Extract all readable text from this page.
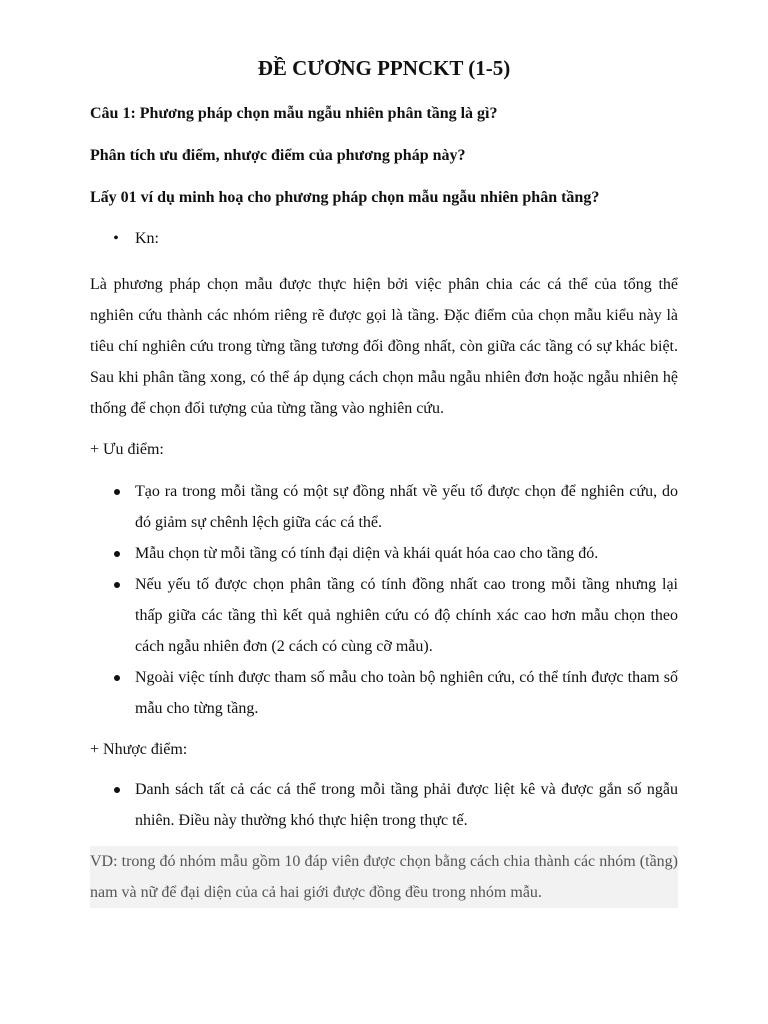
ĐỀ CƯƠNG PPNCKT (1-5)

Câu 1: Phương pháp chọn mẫu ngẫu nhiên phân tầng là gì?

Phân tích ưu điểm, nhược điểm của phương pháp này?

Lấy 01 ví dụ minh hoạ cho phương pháp chọn mẫu ngẫu nhiên phân tầng?

• Kn:

Là phương pháp chọn mẫu được thực hiện bởi việc phân chia các cá thể của tổng thể nghiên cứu thành các nhóm riêng rẽ được gọi là tầng. Đặc điểm của chọn mẫu kiểu này là tiêu chí nghiên cứu trong từng tầng tương đối đồng nhất, còn giữa các tầng có sự khác biệt. Sau khi phân tầng xong, có thể áp dụng cách chọn mẫu ngẫu nhiên đơn hoặc ngẫu nhiên hệ thống để chọn đối tượng của từng tầng vào nghiên cứu.

+ Ưu điểm:

Tạo ra trong mỗi tầng có một sự đồng nhất về yếu tố được chọn để nghiên cứu, do đó giảm sự chênh lệch giữa các cá thể.
Mẫu chọn từ mỗi tầng có tính đại diện và khái quát hóa cao cho tầng đó.
Nếu yếu tố được chọn phân tầng có tính đồng nhất cao trong mỗi tầng nhưng lại thấp giữa các tầng thì kết quả nghiên cứu có độ chính xác cao hơn mẫu chọn theo cách ngẫu nhiên đơn (2 cách có cùng cỡ mẫu).
Ngoài việc tính được tham số mẫu cho toàn bộ nghiên cứu, có thể tính được tham số mẫu cho từng tầng.

+ Nhược điểm:

Danh sách tất cả các cá thể trong mỗi tầng phải được liệt kê và được gắn số ngẫu nhiên. Điều này thường khó thực hiện trong thực tế.

VD: trong đó nhóm mẫu gồm 10 đáp viên được chọn bằng cách chia thành các nhóm (tầng) nam và nữ để đại diện của cả hai giới được đồng đều trong nhóm mẫu.
